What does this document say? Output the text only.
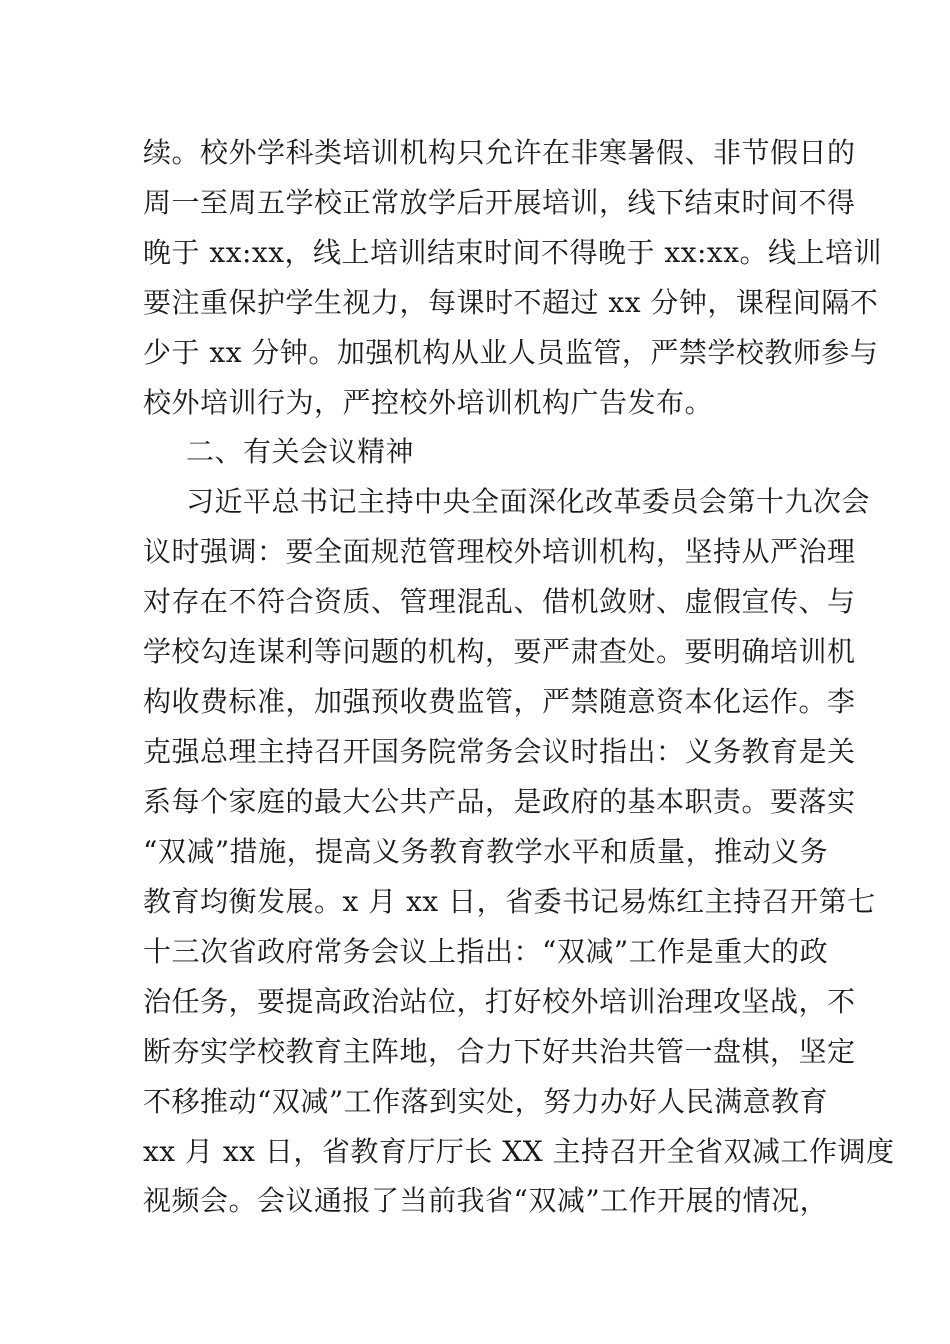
续。校外学科类培训机构只允许在非寒暑假、非节假日的
周一至周五学校正常放学后开展培训，线下结束时间不得
晚于 xx:xx，线上培训结束时间不得晚于 xx:xx。线上培训
要注重保护学生视力，每课时不超过 xx 分钟，课程间隔不
少于 xx 分钟。加强机构从业人员监管，严禁学校教师参与
校外培训行为，严控校外培训机构广告发布。
二、有关会议精神
习近平总书记主持中央全面深化改革委员会第十九次会
议时强调：要全面规范管理校外培训机构，坚持从严治理
对存在不符合资质、管理混乱、借机敛财、虚假宣传、与
学校勾连谋利等问题的机构，要严肃查处。要明确培训机
构收费标准，加强预收费监管，严禁随意资本化运作。李
克强总理主持召开国务院常务会议时指出：义务教育是关
系每个家庭的最大公共产品，是政府的基本职责。要落实
“双减”措施，提高义务教育教学水平和质量，推动义务
教育均衡发展。x 月 xx 日，省委书记易炼红主持召开第七
十三次省政府常务会议上指出：“双减”工作是重大的政
治任务，要提高政治站位，打好校外培训治理攻坚战，不
断夯实学校教育主阵地，合力下好共治共管一盘棋，坚定
不移推动“双减”工作落到实处，努力办好人民满意教育
xx 月 xx 日，省教育厅厅长 XX 主持召开全省双减工作调度
视频会。会议通报了当前我省“双减”工作开展的情况，
